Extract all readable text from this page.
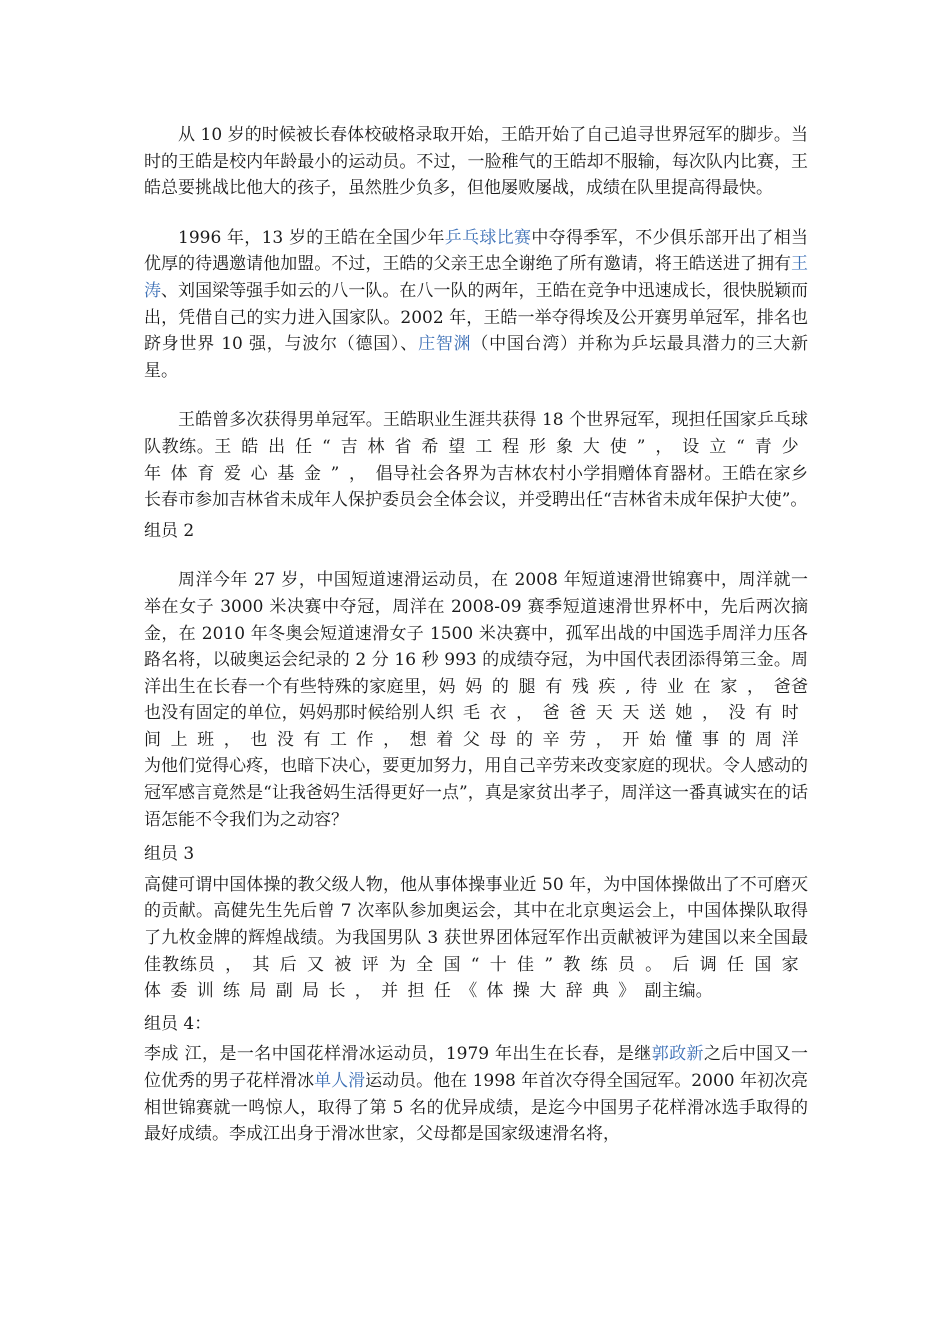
从 10 岁的时候被长春体校破格录取开始，王皓开始了自己追寻世界冠军的脚步。当时的王皓是校内年龄最小的运动员。不过，一脸稚气的王皓却不服输，每次队内比赛，王皓总要挑战比他大的孩子，虽然胜少负多，但他屡败屡战，成绩在队里提高得最快。

1996 年，13 岁的王皓在全国少年乒乓球比赛中夺得季军，不少俱乐部开出了相当优厚的待遇邀请他加盟。不过，王皓的父亲王忠全谢绝了所有邀请，将王皓送进了拥有王涛、刘国梁等强手如云的八一队。在八一队的两年，王皓在竞争中迅速成长，很快脱颖而出，凭借自己的实力进入国家队。2002 年，王皓一举夺得埃及公开赛男单冠军，排名也跻身世界 10 强，与波尔（德国）、庄智渊（中国台湾）并称为乒坛最具潜力的三大新星。

王皓曾多次获得男单冠军。王皓职业生涯共获得 18 个世界冠军，现担任国家乒乓球队教练。王皓出任“吉林省希望工程形象大使”，设立“青少年体育爱心基金”，倡导社会各界为吉林农村小学捐赠体育器材。王皓在家乡长春市参加吉林省未成年人保护委员会全体会议，并受聘出任“吉林省未成年保护大使”。

组员 2

周洋今年 27 岁，中国短道速滑运动员，在 2008 年短道速滑世锦赛中，周洋就一举在女子 3000 米决赛中夺冠，周洋在 2008-09 赛季短道速滑世界杯中，先后两次摘金，在 2010 年冬奥会短道速滑女子 1500 米决赛中，孤军出战的中国选手周洋力压各路名将，以破奥运会纪录的 2 分 16 秒 993 的成绩夺冠，为中国代表团添得第三金。周洋出生在长春一个有些特殊的家庭里，妈妈的腿有残疾,待业在家，爸爸也没有固定的单位，妈妈那时候给别人织毛衣，爸爸天天送她，没有时间上班，也没有工作，想着父母的辛劳，开始懂事的周洋为他们觉得心疼，也暗下决心，要更加努力，用自己辛劳来改变家庭的现状。令人感动的冠军感言竟然是“让我爸妈生活得更好一点”，真是家贫出孝子，周洋这一番真诚实在的话语怎能不令我们为之动容？

组员 3

高健可谓中国体操的教父级人物，他从事体操事业近 50 年，为中国体操做出了不可磨灭的贡献。高健先生先后曾 7 次率队参加奥运会，其中在北京奥运会上，中国体操队取得了九枚金牌的辉煌战绩。为我国男队 3 获世界团体冠军作出贡献被评为建国以来全国最佳教练员，其后又被评为全国“十佳”教练员。后调任国家体委训练局副局长，并担任《体操大辞典》副主编。

组员 4：

李成 江，是一名中国花样滑冰运动员，1979 年出生在长春，是继郭政新之后中国又一位优秀的男子花样滑冰单人滑运动员。他在 1998 年首次夺得全国冠军。2000 年初次亮相世锦赛就一鸣惊人，取得了第 5 名的优异成绩，是迄今中国男子花样滑冰选手取得的最好成绩。李成江出身于滑冰世家，父母都是国家级速滑名将，
